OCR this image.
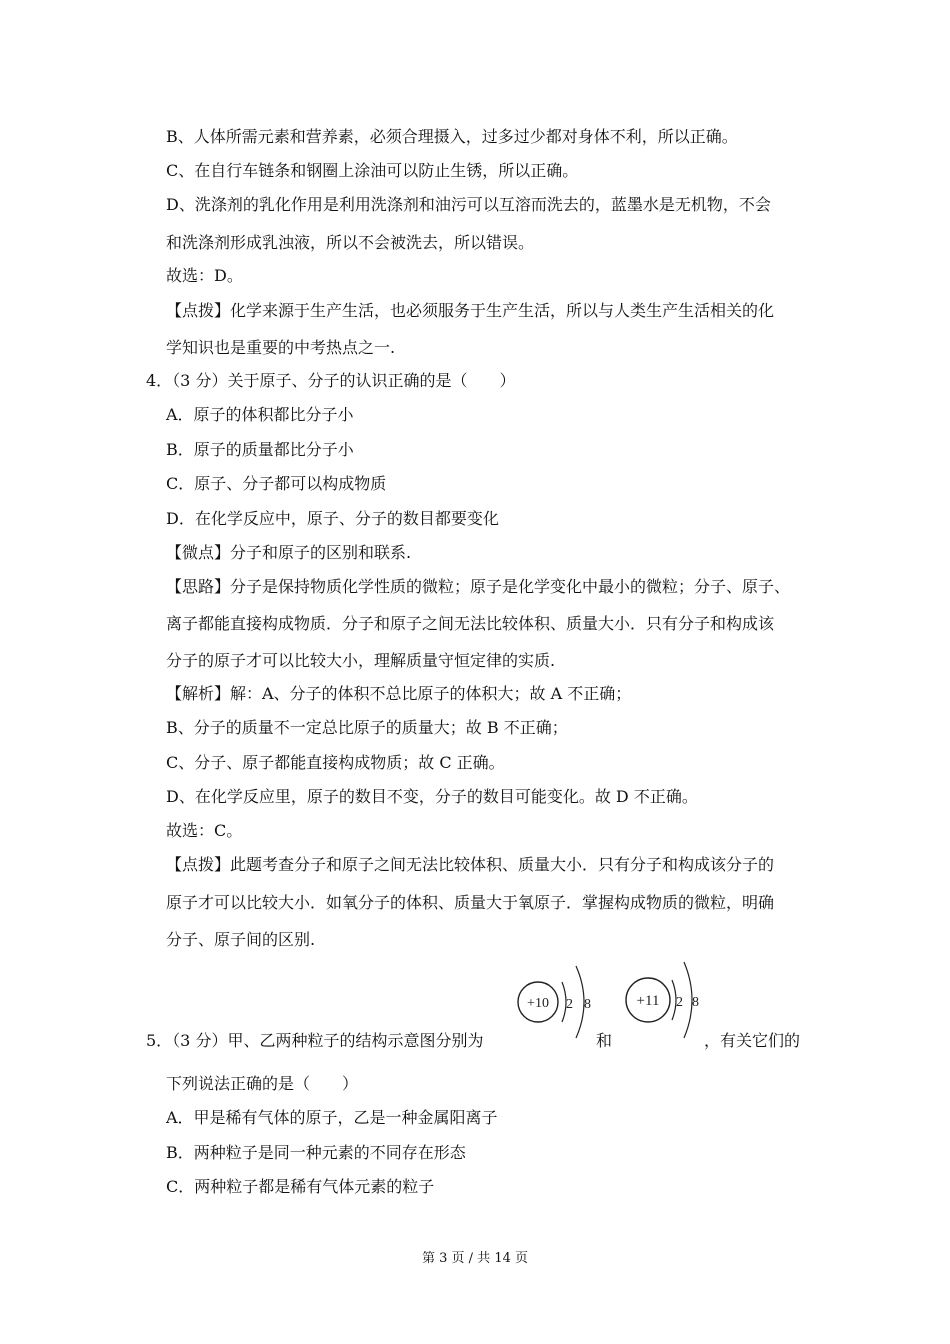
B、人体所需元素和营养素，必须合理摄入，过多过少都对身体不利，所以正确。
C、在自行车链条和钢圈上涂油可以防止生锈，所以正确。
D、洗涤剂的乳化作用是利用洗涤剂和油污可以互溶而洗去的，蓝墨水是无机物，不会
和洗涤剂形成乳浊液，所以不会被洗去，所以错误。
故选：D。
【点拨】化学来源于生产生活，也必须服务于生产生活，所以与人类生产生活相关的化
学知识也是重要的中考热点之一.
4．（3 分）关于原子、分子的认识正确的是（　　）
A．原子的体积都比分子小
B．原子的质量都比分子小
C．原子、分子都可以构成物质
D．在化学反应中，原子、分子的数目都要变化
【微点】分子和原子的区别和联系.
【思路】分子是保持物质化学性质的微粒；原子是化学变化中最小的微粒；分子、原子、
离子都能直接构成物质．分子和原子之间无法比较体积、质量大小．只有分子和构成该
分子的原子才可以比较大小，理解质量守恒定律的实质.
【解析】解：A、分子的体积不总比原子的体积大；故 A 不正确；
B、分子的质量不一定总比原子的质量大；故 B 不正确；
C、分子、原子都能直接构成物质；故 C 正确。
D、在化学反应里，原子的数目不变，分子的数目可能变化。故 D 不正确。
故选：C。
【点拨】此题考查分子和原子之间无法比较体积、质量大小．只有分子和构成该分子的
原子才可以比较大小．如氧分子的体积、质量大于氧原子．掌握构成物质的微粒，明确
分子、原子间的区别.
5．（3 分）甲、乙两种粒子的结构示意图分别为
+10 2 8
和
+11 2 8
，有关它们的
下列说法正确的是（　　）
A．甲是稀有气体的原子，乙是一种金属阳离子
B．两种粒子是同一种元素的不同存在形态
C．两种粒子都是稀有气体元素的粒子
第 3 页 / 共 14 页
